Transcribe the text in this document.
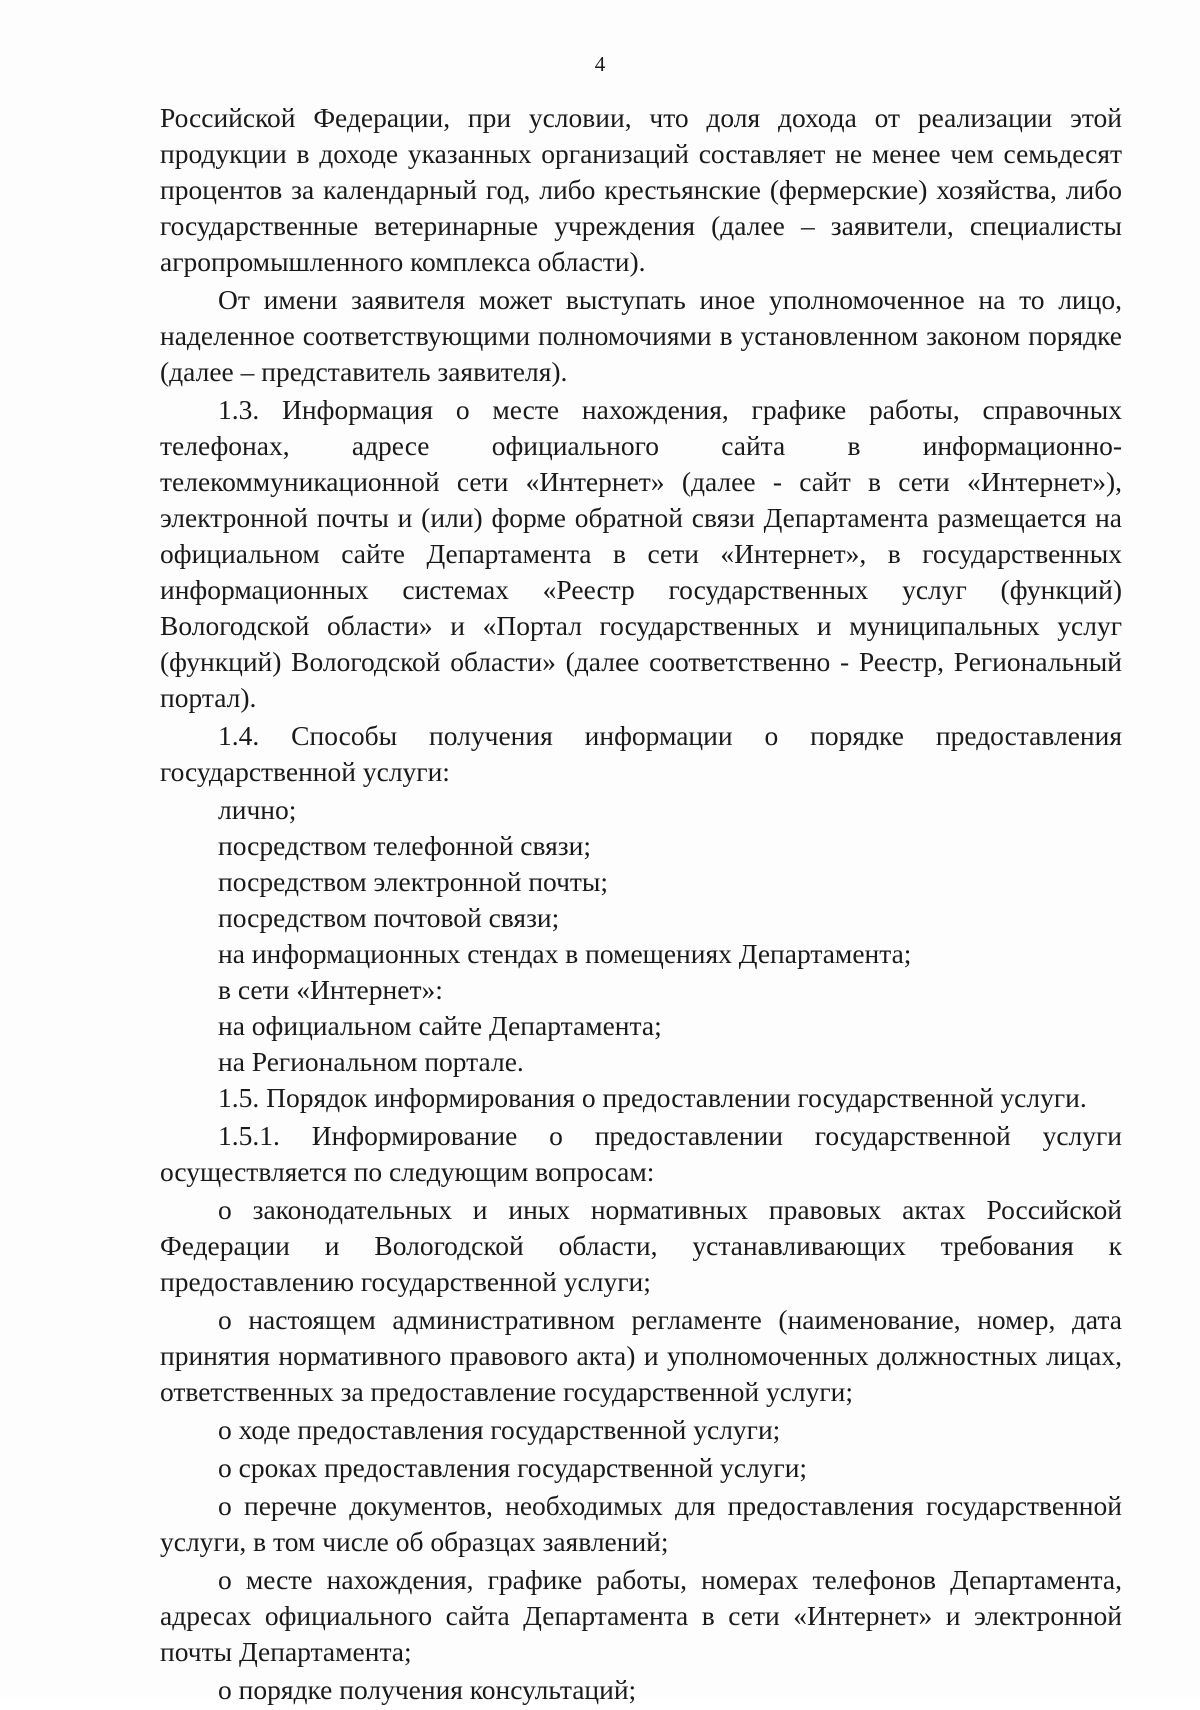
4

Российской Федерации, при условии, что доля дохода от реализации этой продукции в доходе указанных организаций составляет не менее чем семьдесят процентов за календарный год, либо крестьянские (фермерские) хозяйства, либо государственные ветеринарные учреждения (далее – заявители, специалисты агропромышленного комплекса области).

От имени заявителя может выступать иное уполномоченное на то лицо, наделенное соответствующими полномочиями в установленном законом порядке (далее – представитель заявителя).

1.3. Информация о месте нахождения, графике работы, справочных телефонах, адресе официального сайта в информационно-телекоммуникационной сети «Интернет» (далее - сайт в сети «Интернет»), электронной почты и (или) форме обратной связи Департамента размещается на официальном сайте Департамента в сети «Интернет», в государственных информационных системах «Реестр государственных услуг (функций) Вологодской области» и «Портал государственных и муниципальных услуг (функций) Вологодской области» (далее соответственно - Реестр, Региональный портал).

1.4. Способы получения информации о порядке предоставления государственной услуги:

лично;

посредством телефонной связи;

посредством электронной почты;

посредством почтовой связи;

на информационных стендах в помещениях Департамента;

в сети «Интернет»:

на официальном сайте Департамента;

на Региональном портале.

1.5. Порядок информирования о предоставлении государственной услуги.

1.5.1. Информирование о предоставлении государственной услуги осуществляется по следующим вопросам:

о законодательных и иных нормативных правовых актах Российской Федерации и Вологодской области, устанавливающих требования к предоставлению государственной услуги;

о настоящем административном регламенте (наименование, номер, дата принятия нормативного правового акта) и уполномоченных должностных лицах, ответственных за предоставление государственной услуги;

о ходе предоставления государственной услуги;

о сроках предоставления государственной услуги;

о перечне документов, необходимых для предоставления государственной услуги, в том числе об образцах заявлений;

о месте нахождения, графике работы, номерах телефонов Департамента, адресах официального сайта Департамента в сети «Интернет» и электронной почты Департамента;

о порядке получения консультаций;
